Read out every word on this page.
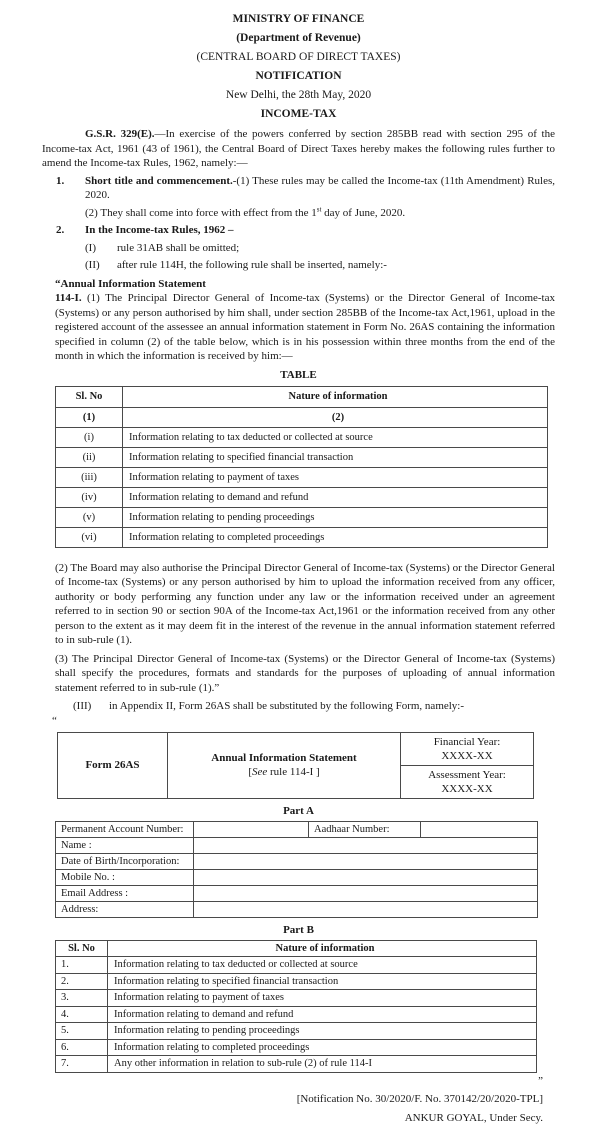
MINISTRY OF FINANCE
(Department of Revenue)
(CENTRAL BOARD OF DIRECT TAXES)
NOTIFICATION
New Delhi, the 28th May, 2020
INCOME-TAX

G.S.R. 329(E).—In exercise of the powers conferred by section 285BB read with section 295 of the Income-tax Act, 1961 (43 of 1961), the Central Board of Direct Taxes hereby makes the following rules further to amend the Income-tax Rules, 1962, namely:—

1.	Short title and commencement.-(1) These rules may be called the Income-tax (11th Amendment) Rules, 2020.

(2) They shall come into force with effect from the 1st day of June, 2020.

2.	In the Income-tax Rules, 1962 –
(I)	rule 31AB shall be omitted;
(II)	after rule 114H, the following rule shall be inserted, namely:-

“Annual Information Statement

114-I. (1) The Principal Director General of Income-tax (Systems) or the Director General of Income-tax (Systems) or any person authorised by him shall, under section 285BB of the Income-tax Act,1961, upload in the registered account of the assessee an annual information statement in Form No. 26AS containing the information specified in column (2) of the table below, which is in his possession within three months from the end of the month in which the information is received by him:—

TABLE
Sl. No	Nature of information
(1)	(2)
(i)	Information relating to tax deducted or collected at source
(ii)	Information relating to specified financial transaction
(iii)	Information relating to payment of taxes
(iv)	Information relating to demand and refund
(v)	Information relating to pending proceedings
(vi)	Information relating to completed proceedings

(2) The Board may also authorise the Principal Director General of Income-tax (Systems) or the Director General of Income-tax (Systems) or any person authorised by him to upload the information received from any officer, authority or body performing any function under any law or the information received under an agreement referred to in section 90 or section 90A of the Income-tax Act,1961 or the information received from any other person to the extent as it may deem fit in the interest of the revenue in the annual information statement referred to in sub-rule (1).

(3) The Principal Director General of Income-tax (Systems) or the Director General of Income-tax (Systems) shall specify the procedures, formats and standards for the purposes of uploading of annual information statement referred to in sub-rule (1).”

(III)	in Appendix II, Form 26AS shall be substituted by the following Form, namely:-
“
Form 26AS	
Annual Information Statement
[See rule 114-I ]

Financial Year:
XXXX-XX

Assessment Year:
XXXX-XX
Part A
Permanent Account Number:		Aadhaar Number:	
Name :			
Date of Birth/Incorporation:			
Mobile No. :			
Email Address :			
Address:			
Part B
Sl. No	Nature of information
1.	Information relating to tax deducted or collected at source
2.	Information relating to specified financial transaction
3.	Information relating to payment of taxes
4.	Information relating to demand and refund
5.	Information relating to pending proceedings
6.	Information relating to completed proceedings
7.	Any other information in relation to sub-rule (2) of rule 114-I
”
[Notification No. 30/2020/F. No. 370142/20/2020-TPL]
ANKUR GOYAL, Under Secy.
